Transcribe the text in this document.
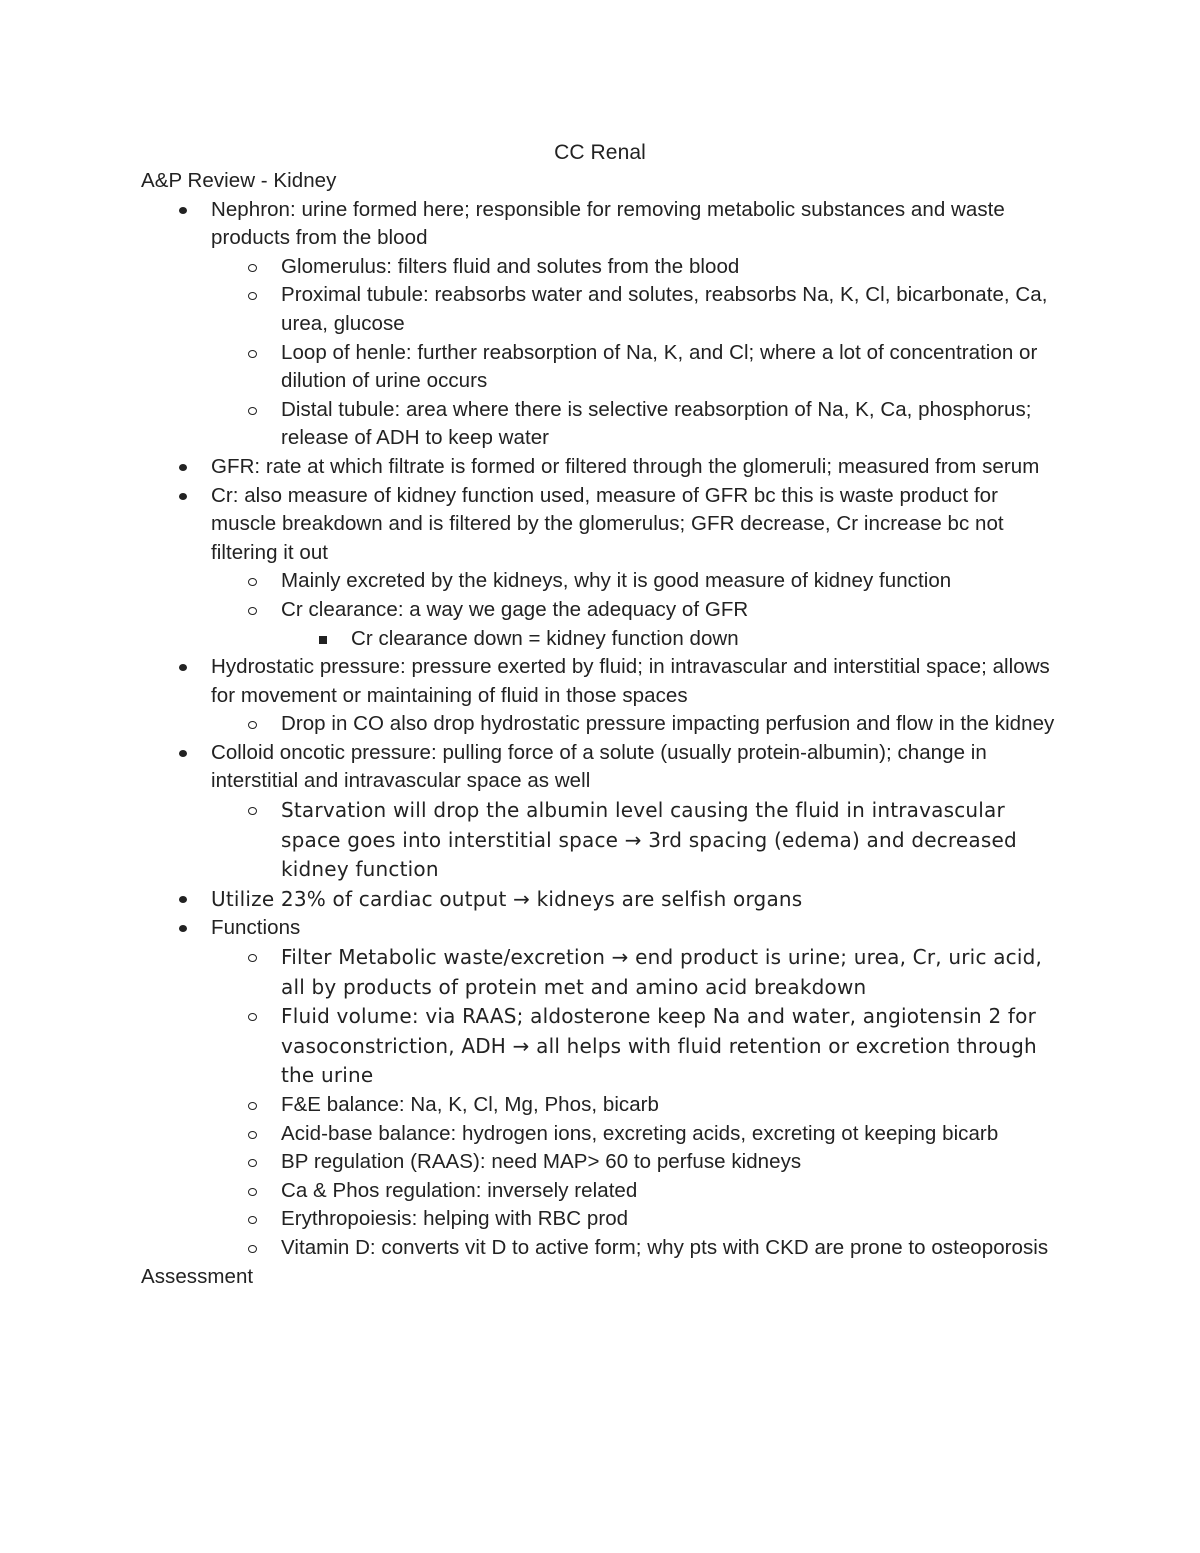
CC Renal
A&P Review - Kidney
Nephron: urine formed here; responsible for removing metabolic substances and waste products from the blood
Glomerulus: filters fluid and solutes from the blood
Proximal tubule: reabsorbs water and solutes, reabsorbs Na, K, Cl, bicarbonate, Ca, urea, glucose
Loop of henle: further reabsorption of Na, K, and Cl; where a lot of concentration or dilution of urine occurs
Distal tubule: area where there is selective reabsorption of Na, K, Ca, phosphorus; release of ADH to keep water
GFR: rate at which filtrate is formed or filtered through the glomeruli; measured from serum
Cr: also measure of kidney function used, measure of GFR bc this is waste product for muscle breakdown and is filtered by the glomerulus; GFR decrease, Cr increase bc not filtering it out
Mainly excreted by the kidneys, why it is good measure of kidney function
Cr clearance: a way we gage the adequacy of GFR
Cr clearance down = kidney function down
Hydrostatic pressure: pressure exerted by fluid; in intravascular and interstitial space; allows for movement or maintaining of fluid in those spaces
Drop in CO also drop hydrostatic pressure impacting perfusion and flow in the kidney
Colloid oncotic pressure: pulling force of a solute (usually protein-albumin); change in interstitial and intravascular space as well
Starvation will drop the albumin level causing the fluid in intravascular space goes into interstitial space → 3rd spacing (edema) and decreased kidney function
Utilize 23% of cardiac output → kidneys are selfish organs
Functions
Filter Metabolic waste/excretion → end product is urine; urea, Cr, uric acid, all by products of protein met and amino acid breakdown
Fluid volume: via RAAS; aldosterone keep Na and water, angiotensin 2 for vasoconstriction, ADH → all helps with fluid retention or excretion through the urine
F&E balance: Na, K, Cl, Mg, Phos, bicarb
Acid-base balance: hydrogen ions, excreting acids, excreting ot keeping bicarb
BP regulation (RAAS): need MAP> 60 to perfuse kidneys
Ca & Phos regulation: inversely related
Erythropoiesis: helping with RBC prod
Vitamin D: converts vit D to active form; why pts with CKD are prone to osteoporosis
Assessment
